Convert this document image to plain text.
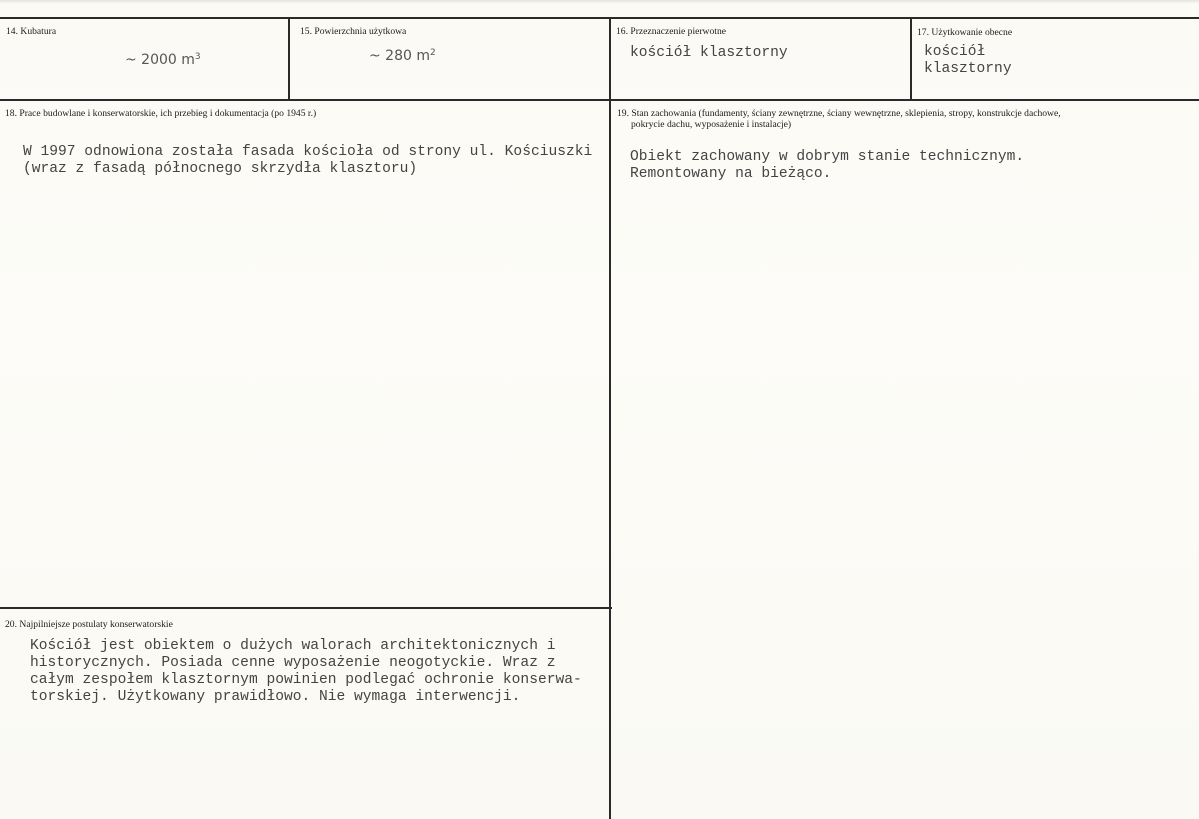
14. Kubatura

~ 2000 $m^3$

15. Powierzchnia użytkowa

~ 280 $m^2$

16. Przeznaczenie pierwotne

kościół klasztorny

17. Użytkowanie obecne

kościół

klasztorny

18. Prace budowlane i konserwatorskie, ich przebieg i dokumentacja (po 1945 r.)

W 1997 odnowiona została fasada kościoła od strony ul. Kościuszki

(wraz z fasadą północnego skrzydła klasztoru)

19. Stan zachowania (fundamenty, ściany zewnętrzne, ściany wewnętrzne, sklepienia, stropy, konstrukcje dachowe,

pokrycie dachu, wyposażenie i instalacje)

Obiekt zachowany w dobrym stanie technicznym.

Remontowany na bieżąco.

20. Najpilniejsze postulaty konserwatorskie

Kościół jest obiektem o dużych walorach architektonicznych i

historycznych. Posiada cenne wyposażenie neogotyckie. Wraz z

całym zespołem klasztornym powinien podlegać ochronie konserwa-

torskiej. Użytkowany prawidłowo. Nie wymaga interwencji.
